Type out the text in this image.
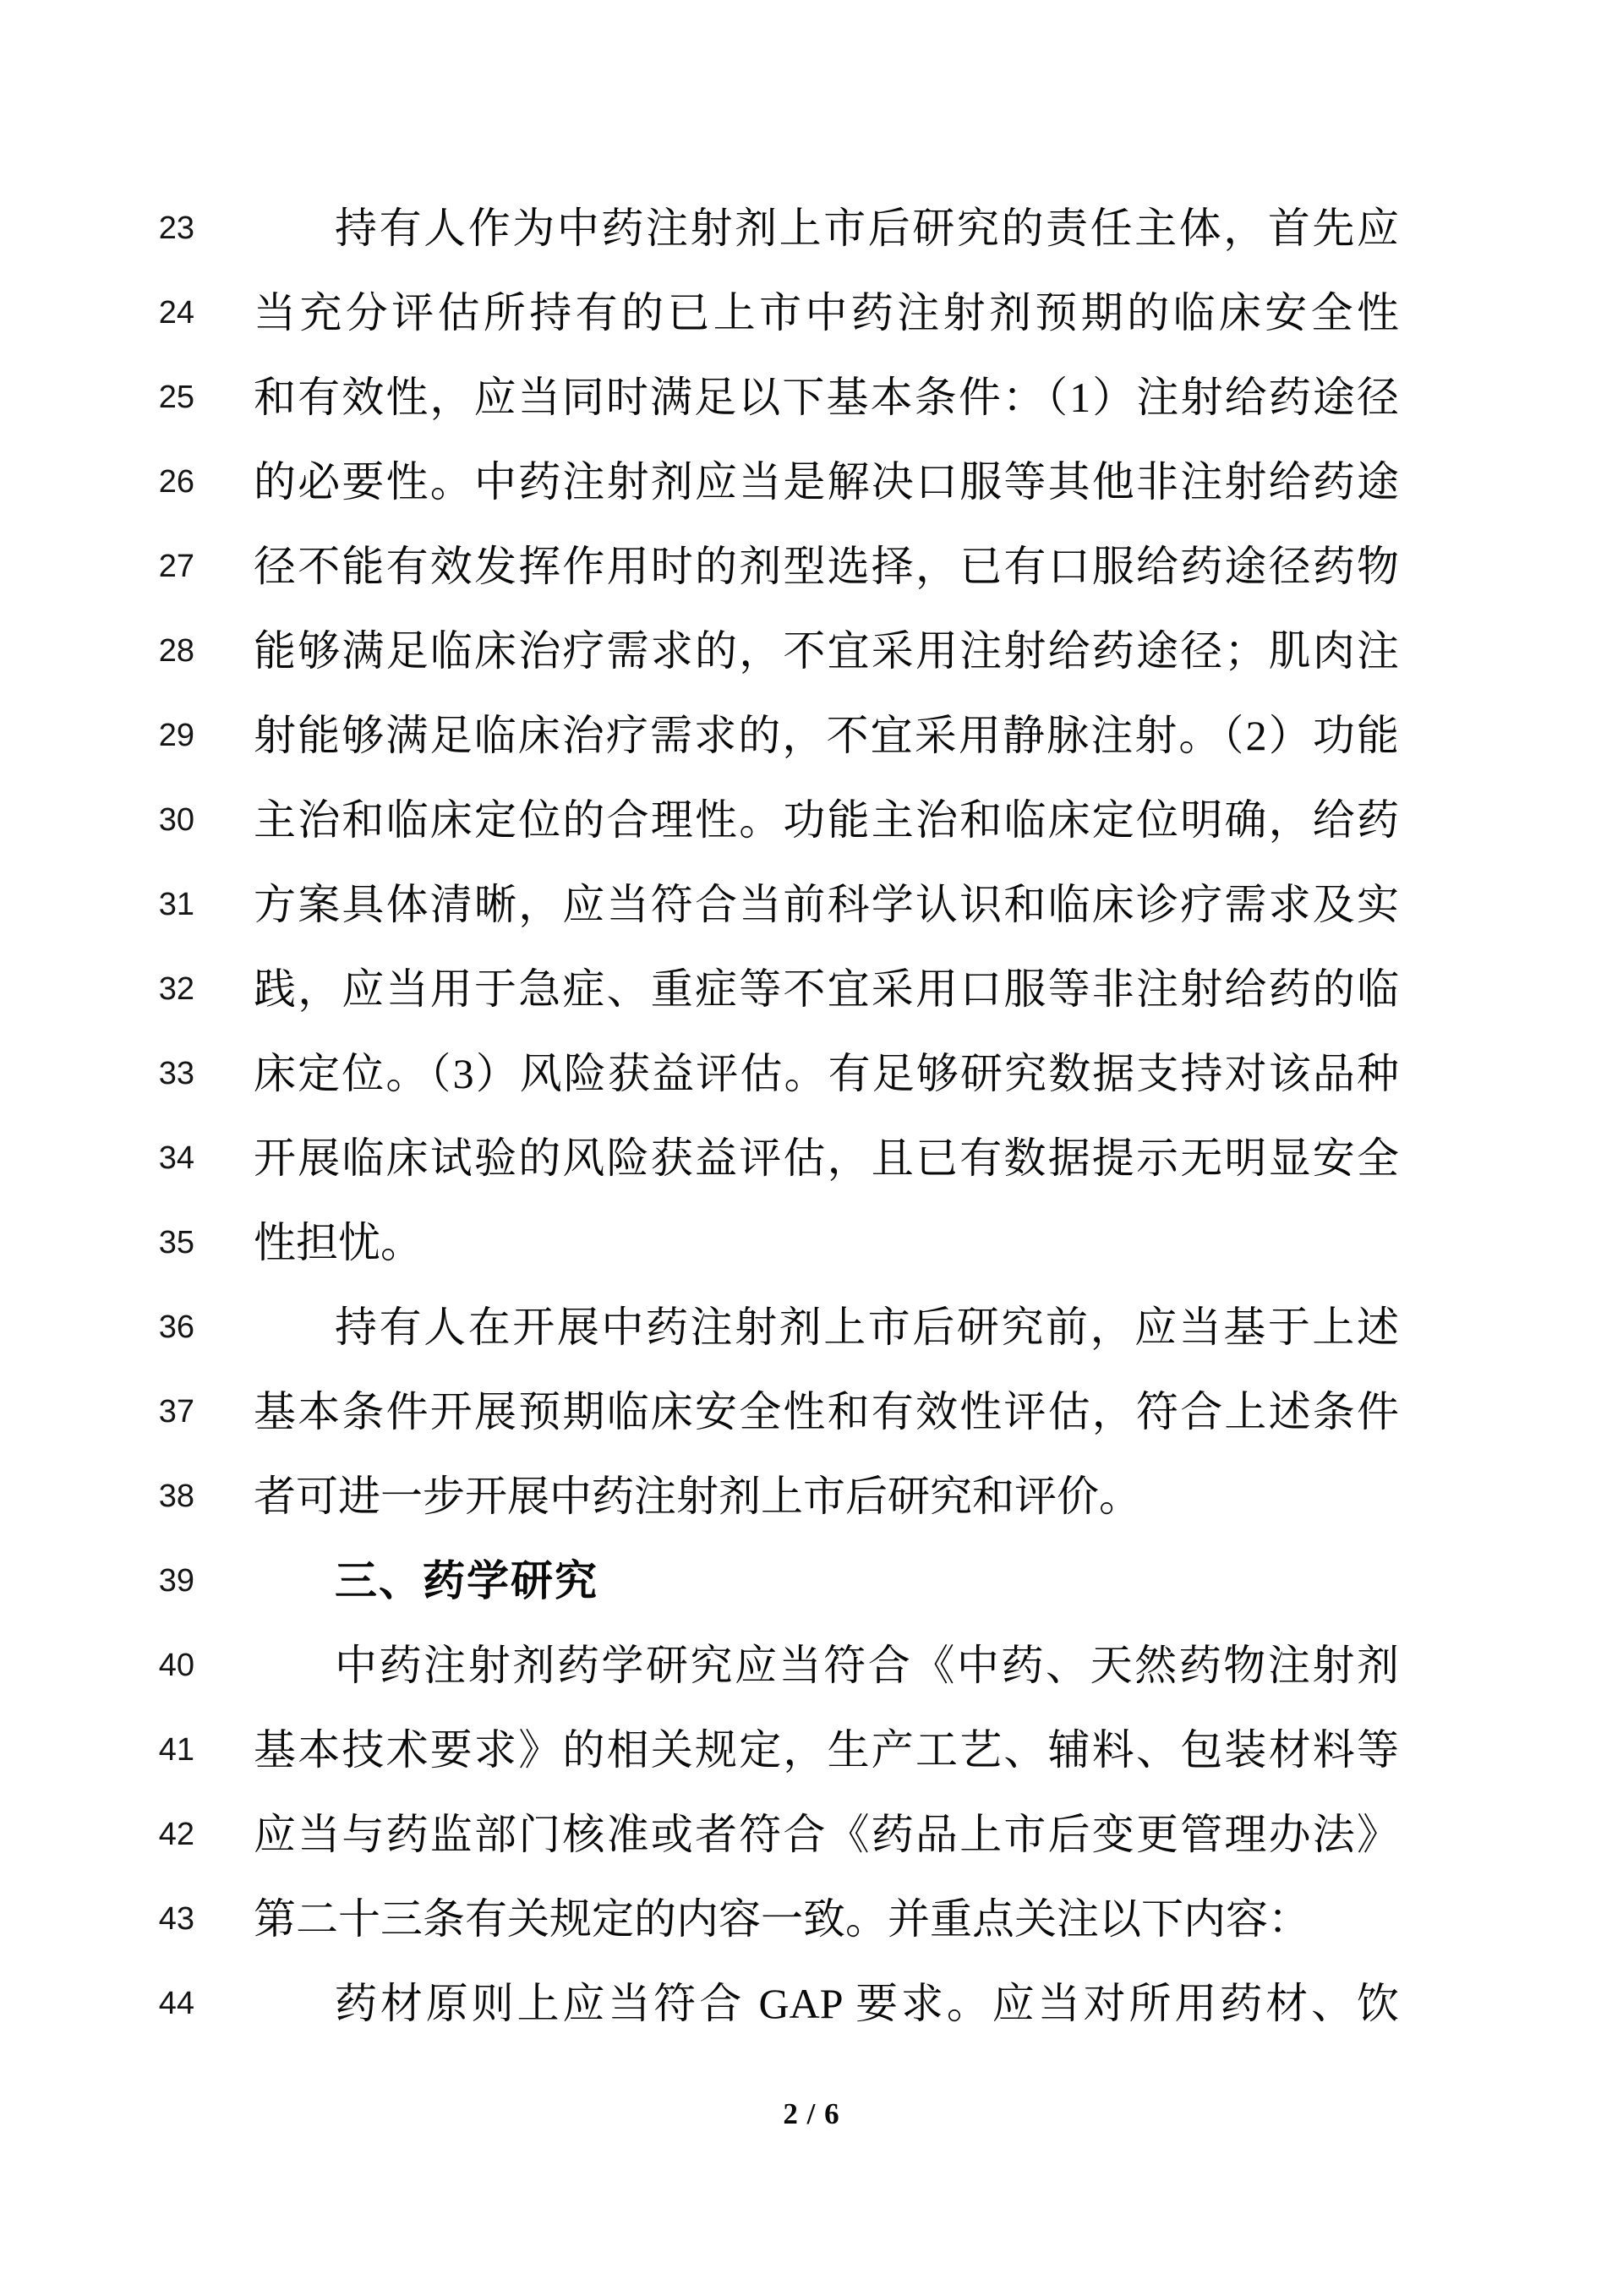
23	持有人作为中药注射剂上市后研究的责任主体，首先应
24 当充分评估所持有的已上市中药注射剂预期的临床安全性
25 和有效性，应当同时满足以下基本条件：（1）注射给药途径
26 的必要性。中药注射剂应当是解决口服等其他非注射给药途
27 径不能有效发挥作用时的剂型选择，已有口服给药途径药物
28 能够满足临床治疗需求的，不宜采用注射给药途径；肌肉注
29 射能够满足临床治疗需求的，不宜采用静脉注射。（2）功能
30 主治和临床定位的合理性。功能主治和临床定位明确，给药
31 方案具体清晰，应当符合当前科学认识和临床诊疗需求及实
32 践，应当用于急症、重症等不宜采用口服等非注射给药的临
33 床定位。（3）风险获益评估。有足够研究数据支持对该品种
34 开展临床试验的风险获益评估，且已有数据提示无明显安全
35 性担忧。
36	持有人在开展中药注射剂上市后研究前，应当基于上述
37 基本条件开展预期临床安全性和有效性评估，符合上述条件
38 者可进一步开展中药注射剂上市后研究和评价。
39	三、药学研究
40	中药注射剂药学研究应当符合《中药、天然药物注射剂
41 基本技术要求》的相关规定，生产工艺、辅料、包装材料等
42 应当与药监部门核准或者符合《药品上市后变更管理办法》
43 第二十三条有关规定的内容一致。并重点关注以下内容：
44	药材原则上应当符合 GAP 要求。应当对所用药材、饮
2 / 6
